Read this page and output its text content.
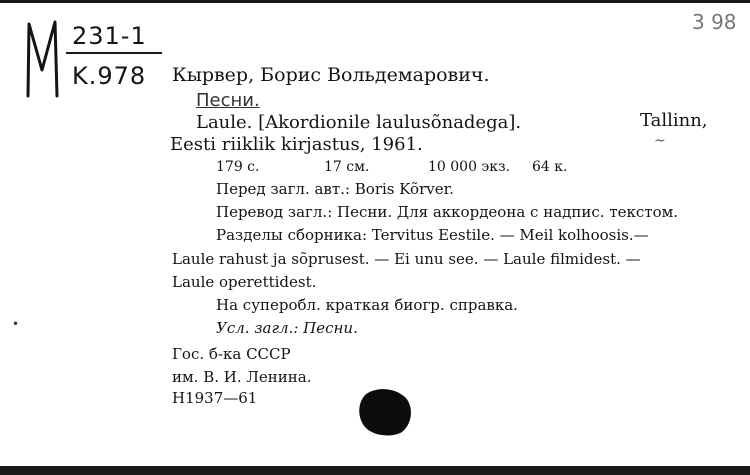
231-1
K.978
3 98
Кырвер, Борис Вольдемарович.
Песни.
Laule. [Akordionile laulusõnadega].	Tallinn,
Eesti riiklik kirjastus, 1961.
179 с.	17 см.	10 000 экз. 64 к.
Перед загл. авт.: Boris Kõrver.
Перевод загл.: Песни. Для аккордеона с надпис. текстом.
Разделы сборника: Tervitus Eestile. — Meil kolhoosis.—
Laule rahust ja sõprusest. — Ei unu see. — Laule filmidest. —
Laule operettidest.
На суперобл. краткая биогр. справка.
Усл. загл.: Песни.
Гос. б-ка СССР
им. В. И. Ленина.
H1937—61
~
•
